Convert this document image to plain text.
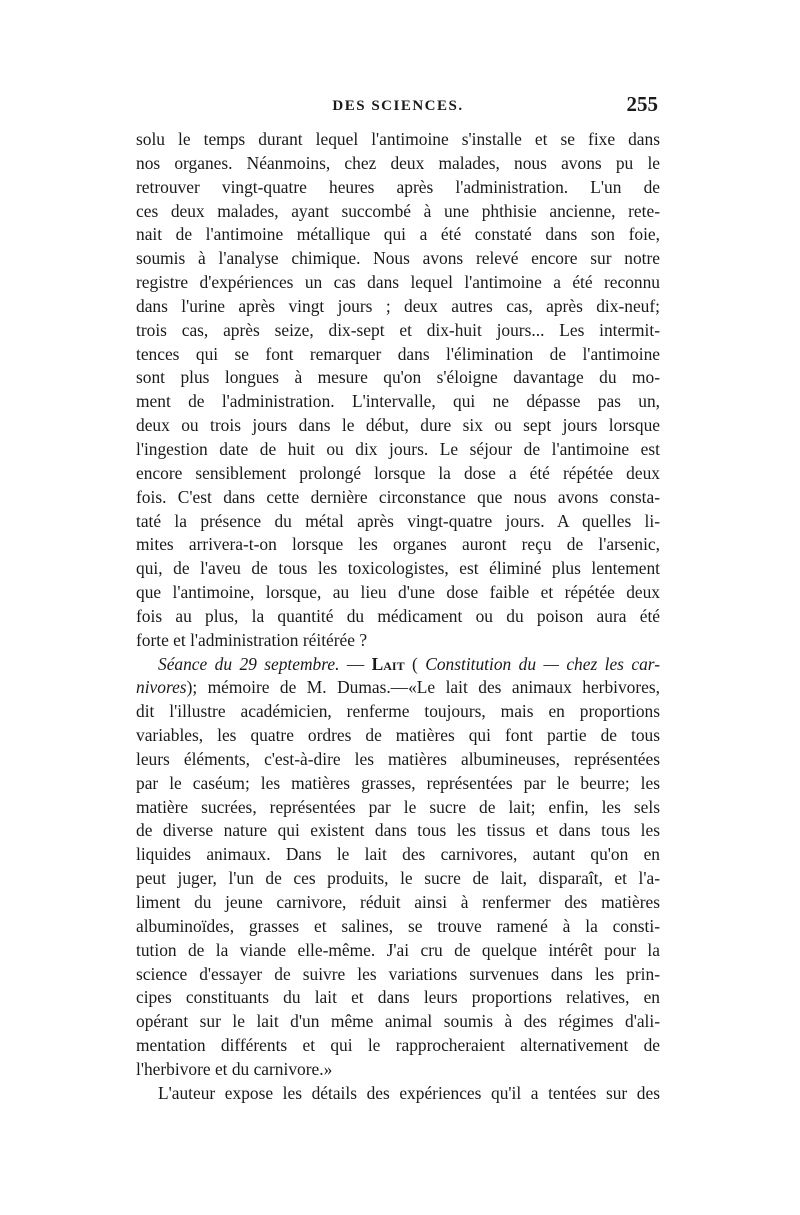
DES SCIENCES.	255
solu le temps durant lequel l'antimoine s'installe et se fixe dans
nos organes. Néanmoins, chez deux malades, nous avons pu le
retrouver vingt-quatre heures après l'administration. L'un de
ces deux malades, ayant succombé à une phthisie ancienne, rete-
nait de l'antimoine métallique qui a été constaté dans son foie,
soumis à l'analyse chimique. Nous avons relevé encore sur notre
registre d'expériences un cas dans lequel l'antimoine a été reconnu
dans l'urine après vingt jours ; deux autres cas, après dix-neuf;
trois cas, après seize, dix-sept et dix-huit jours... Les intermit-
tences qui se font remarquer dans l'élimination de l'antimoine
sont plus longues à mesure qu'on s'éloigne davantage du mo-
ment de l'administration. L'intervalle, qui ne dépasse pas un,
deux ou trois jours dans le début, dure six ou sept jours lorsque
l'ingestion date de huit ou dix jours. Le séjour de l'antimoine est
encore sensiblement prolongé lorsque la dose a été répétée deux
fois. C'est dans cette dernière circonstance que nous avons consta-
taté la présence du métal après vingt-quatre jours. A quelles li-
mites arrivera-t-on lorsque les organes auront reçu de l'arsenic,
qui, de l'aveu de tous les toxicologistes, est éliminé plus lentement
que l'antimoine, lorsque, au lieu d'une dose faible et répétée deux
fois au plus, la quantité du médicament ou du poison aura été
forte et l'administration réitérée ?
Séance du 29 septembre. — Lait ( Constitution du — chez les car-
nivores); mémoire de M. Dumas.—«Le lait des animaux herbivores,
dit l'illustre académicien, renferme toujours, mais en proportions
variables, les quatre ordres de matières qui font partie de tous
leurs éléments, c'est-à-dire les matières albumineuses, représentées
par le caséum; les matières grasses, représentées par le beurre; les
matière sucrées, représentées par le sucre de lait; enfin, les sels
de diverse nature qui existent dans tous les tissus et dans tous les
liquides animaux. Dans le lait des carnivores, autant qu'on en
peut juger, l'un de ces produits, le sucre de lait, disparaît, et l'a-
liment du jeune carnivore, réduit ainsi à renfermer des matières
albuminoïdes, grasses et salines, se trouve ramené à la consti-
tution de la viande elle-même. J'ai cru de quelque intérêt pour la
science d'essayer de suivre les variations survenues dans les prin-
cipes constituants du lait et dans leurs proportions relatives, en
opérant sur le lait d'un même animal soumis à des régimes d'ali-
mentation différents et qui le rapprocheraient alternativement de
l'herbivore et du carnivore.»
L'auteur expose les détails des expériences qu'il a tentées sur des
